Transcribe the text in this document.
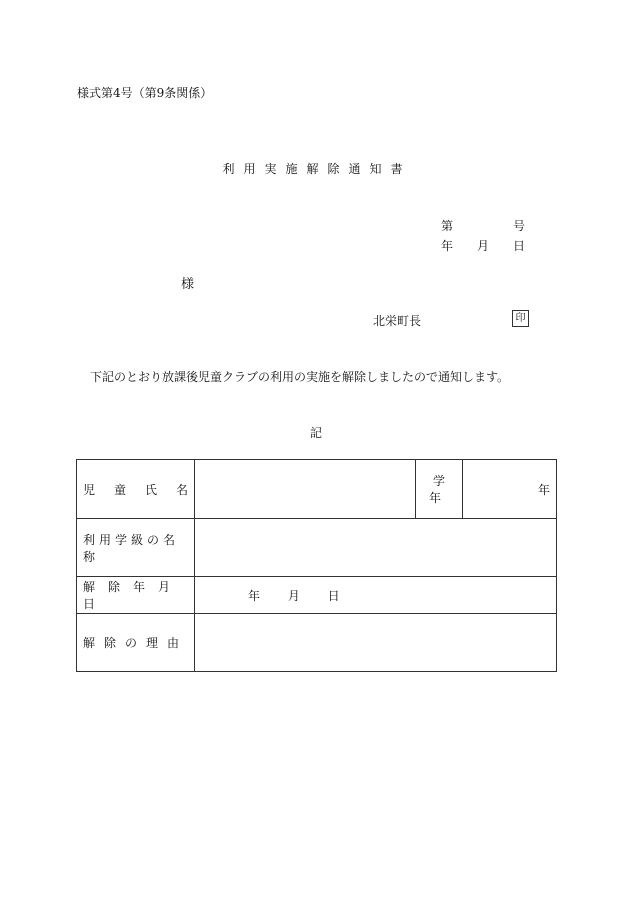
様式第4号（第9条関係）
利用実施解除通知書
第	号
年	月	日
様
北栄町長	印
下記のとおり放課後児童クラブの利用の実施を解除しましたので通知します。
記
児 童 氏 名		学年	年
利用学級の名称			
解除年月日	年 月 日		
解除の理由			
